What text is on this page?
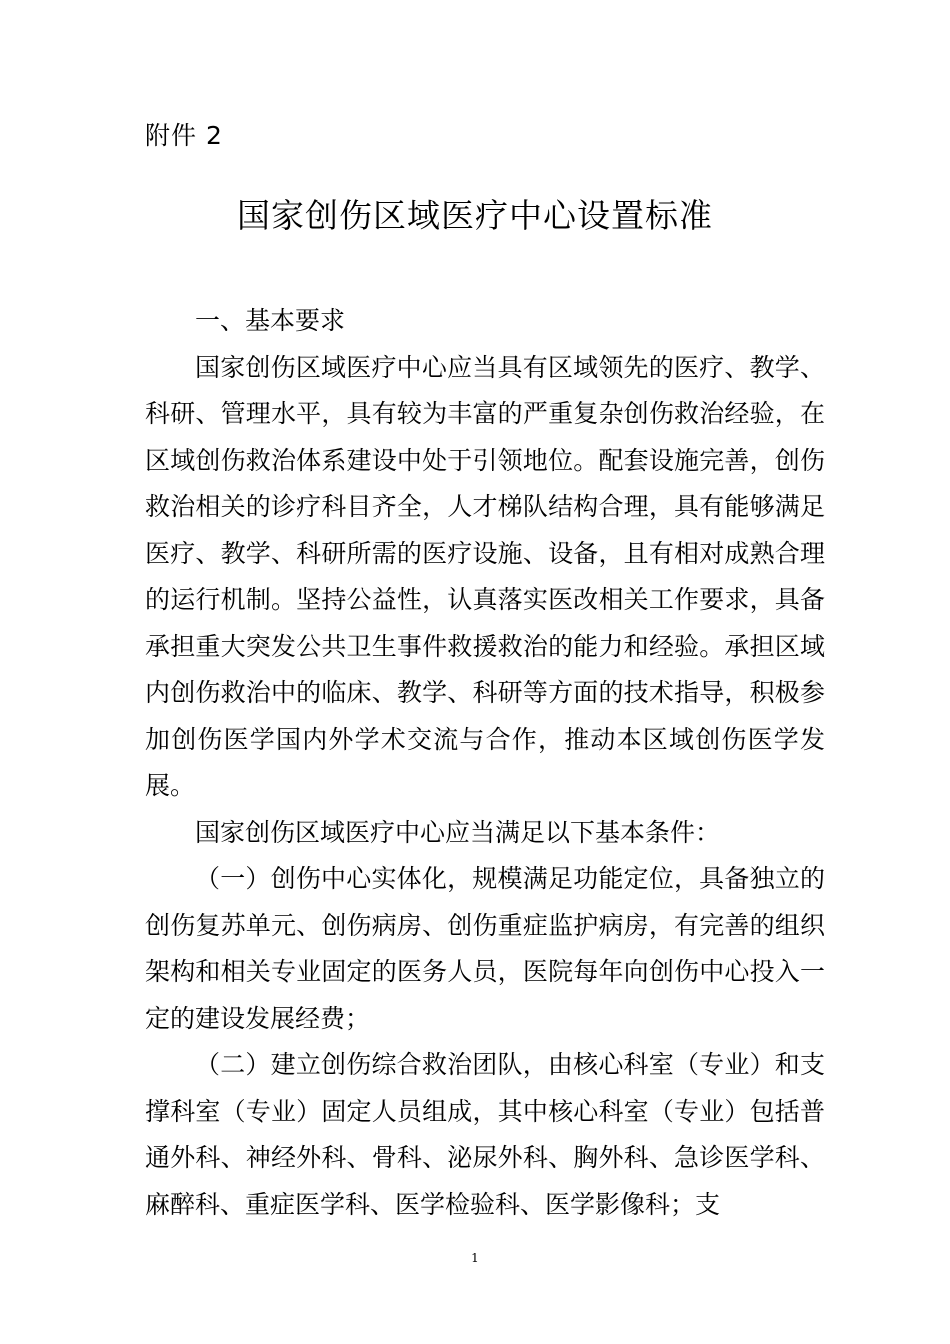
附件 2
国家创伤区域医疗中心设置标准

一、基本要求

国家创伤区域医疗中心应当具有区域领先的医疗、教学、科研、管理水平，具有较为丰富的严重复杂创伤救治经验，在区域创伤救治体系建设中处于引领地位。配套设施完善，创伤救治相关的诊疗科目齐全，人才梯队结构合理，具有能够满足医疗、教学、科研所需的医疗设施、设备，且有相对成熟合理的运行机制。坚持公益性，认真落实医改相关工作要求，具备承担重大突发公共卫生事件救援救治的能力和经验。承担区域内创伤救治中的临床、教学、科研等方面的技术指导，积极参加创伤医学国内外学术交流与合作，推动本区域创伤医学发展。

国家创伤区域医疗中心应当满足以下基本条件：

（一）创伤中心实体化，规模满足功能定位，具备独立的创伤复苏单元、创伤病房、创伤重症监护病房，有完善的组织架构和相关专业固定的医务人员，医院每年向创伤中心投入一定的建设发展经费；

（二）建立创伤综合救治团队，由核心科室（专业）和支撑科室（专业）固定人员组成，其中核心科室（专业）包括普通外科、神经外科、骨科、泌尿外科、胸外科、急诊医学科、麻醉科、重症医学科、医学检验科、医学影像科；支

1
